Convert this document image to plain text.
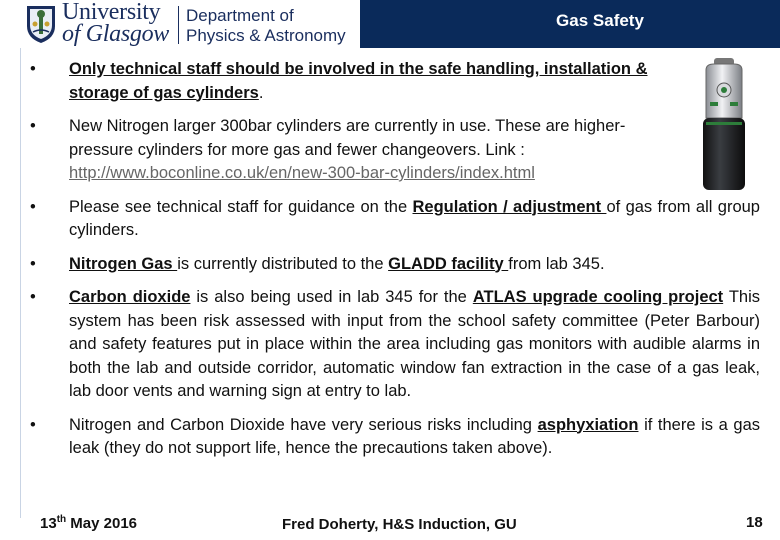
University
of Glasgow
Department of
Physics & Astronomy
Gas Safety
• Only technical staff should be involved in the safe handling, installation & storage of gas cylinders.
• New Nitrogen larger 300bar cylinders are currently in use. These are higher-pressure cylinders for more gas and fewer changeovers. Link : http://www.boconline.co.uk/en/new-300-bar-cylinders/index.html
• Please see technical staff for guidance on the Regulation / adjustment of gas from all group cylinders.
• Nitrogen Gas is currently distributed to the GLADD facility from lab 345.
• Carbon dioxide is also being used in lab 345 for the ATLAS upgrade cooling project This system has been risk assessed with input from the school safety committee (Peter Barbour) and safety features put in place within the area including gas monitors with audible alarms in both the lab and outside corridor, automatic window fan extraction in the case of a gas leak, lab door vents and warning sign at entry to lab.
• Nitrogen and Carbon Dioxide have very serious risks including asphyxiation if there is a gas leak (they do not support life, hence the precautions taken above).
13th May 2016	Fred Doherty, H&S Induction, GU	18
